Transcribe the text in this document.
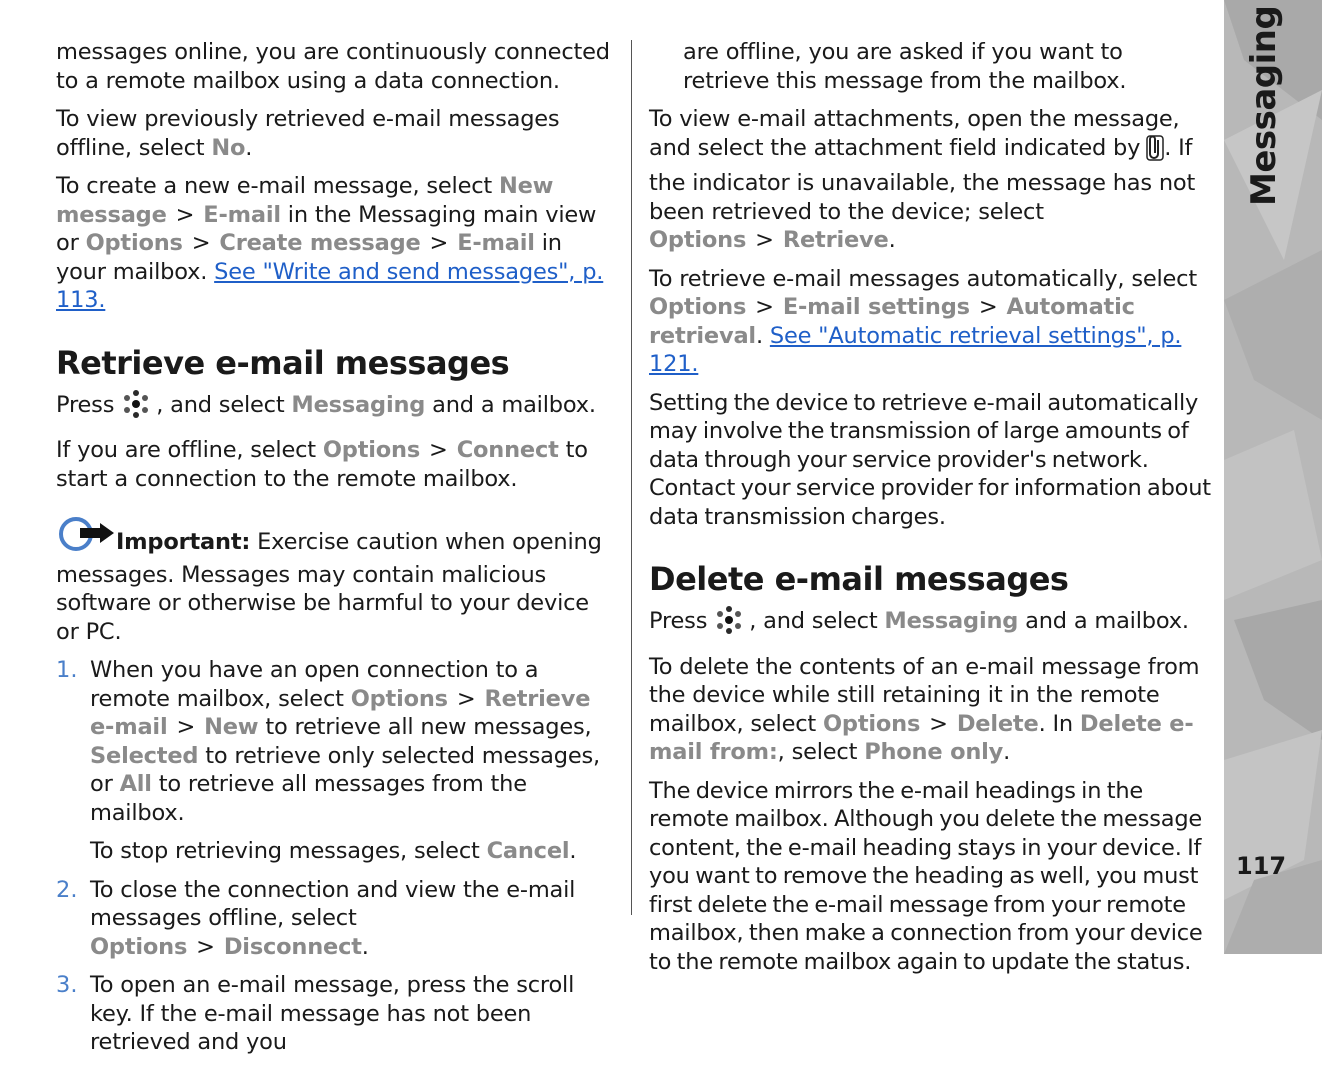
messages online, you are continuously connected to a remote mailbox using a data connection.

To view previously retrieved e-mail messages offline, select No.

To create a new e-mail message, select New message > E-mail in the Messaging main view or Options > Create message > E-mail in your mailbox. See "Write and send messages", p. 113.

Retrieve e-mail messages

Press , and select Messaging and a mailbox.

If you are offline, select Options > Connect to start a connection to the remote mailbox.

Important: Exercise caution when opening messages. Messages may contain malicious software or otherwise be harmful to your device or PC.

1. When you have an open connection to a remote mailbox, select Options > Retrieve e-mail > New to retrieve all new messages, Selected to retrieve only selected messages, or All to retrieve all messages from the mailbox.

To stop retrieving messages, select Cancel.

2. To close the connection and view the e-mail messages offline, select Options > Disconnect.

3. To open an e-mail message, press the scroll key. If the e-mail message has not been retrieved and you

are offline, you are asked if you want to retrieve this message from the mailbox.

To view e-mail attachments, open the message, and select the attachment field indicated by . If the indicator is unavailable, the message has not been retrieved to the device; select Options > Retrieve.

To retrieve e-mail messages automatically, select Options > E-mail settings > Automatic retrieval. See "Automatic retrieval settings", p. 121.

Setting the device to retrieve e-mail automatically may involve the transmission of large amounts of data through your service provider's network. Contact your service provider for information about data transmission charges.

Delete e-mail messages

Press , and select Messaging and a mailbox.

To delete the contents of an e-mail message from the device while still retaining it in the remote mailbox, select Options > Delete. In Delete e-mail from:, select Phone only.

The device mirrors the e-mail headings in the remote mailbox. Although you delete the message content, the e-mail heading stays in your device. If you want to remove the heading as well, you must first delete the e-mail message from your remote mailbox, then make a connection from your device to the remote mailbox again to update the status.

Messaging
117
